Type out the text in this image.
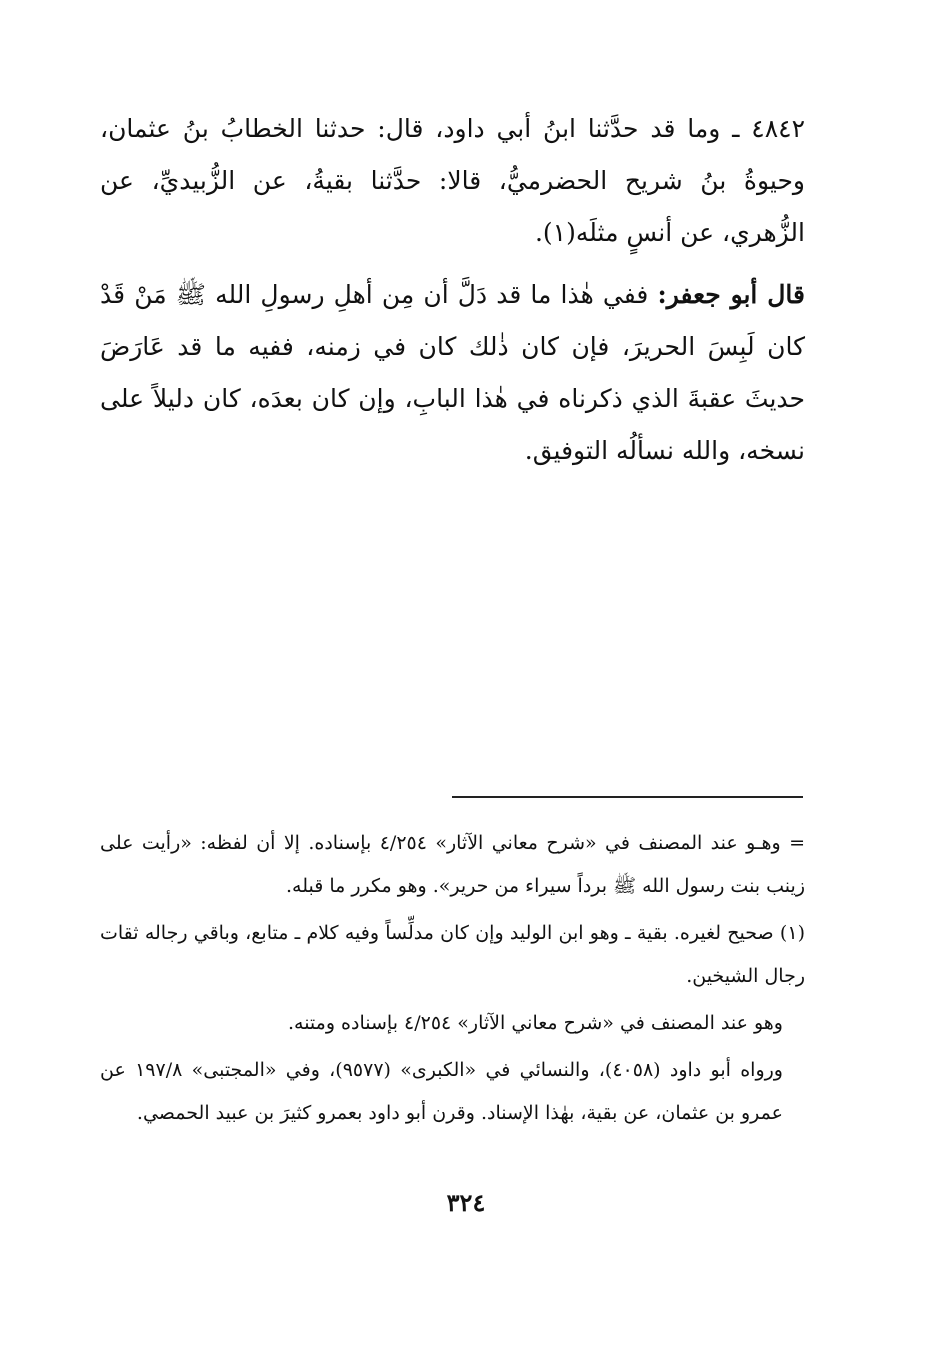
٤٨٤٢ ـ وما قد حدَّثنا ابنُ أبي داود، قال: حدثنا الخطابُ بنُ عثمان، وحيوةُ بنُ شريح الحضرميُّ، قالا: حدَّثنا بقيةُ، عن الزُّبيديِّ، عن الزُّهري، عن أنسٍ مثلَه(١).

قال أبو جعفر: ففي هٰذا ما قد دَلَّ أن مِن أهلِ رسولِ الله ﷺ مَنْ قَدْ كان لَبِسَ الحريرَ، فإن كان ذٰلك كان في زمنه، ففيه ما قد عَارَضَ حديثَ عقبةَ الذي ذكرناه في هٰذا البابِ، وإن كان بعدَه، كان دليلاً على نسخه، والله نسألُه التوفيق.

= وهـو عند المصنف في «شرح معاني الآثار» ٤/٢٥٤ بإسناده. إلا أن لفظه: «رأيت على زينب بنت رسول الله ﷺ برداً سيراء من حرير». وهو مكرر ما قبله.

(١) صحيح لغيره. بقية ـ وهو ابن الوليد وإن كان مدلِّساً وفيه كلام ـ متابع، وباقي رجاله ثقات رجال الشيخين.

وهو عند المصنف في «شرح معاني الآثار» ٤/٢٥٤ بإسناده ومتنه.

ورواه أبو داود (٤٠٥٨)، والنسائي في «الكبرى» (٩٥٧٧)، وفي «المجتبى» ١٩٧/٨ عن عمرو بن عثمان، عن بقية، بهٰذا الإسناد. وقرن أبو داود بعمرو كثيرَ بن عبيد الحمصي.

٣٢٤
